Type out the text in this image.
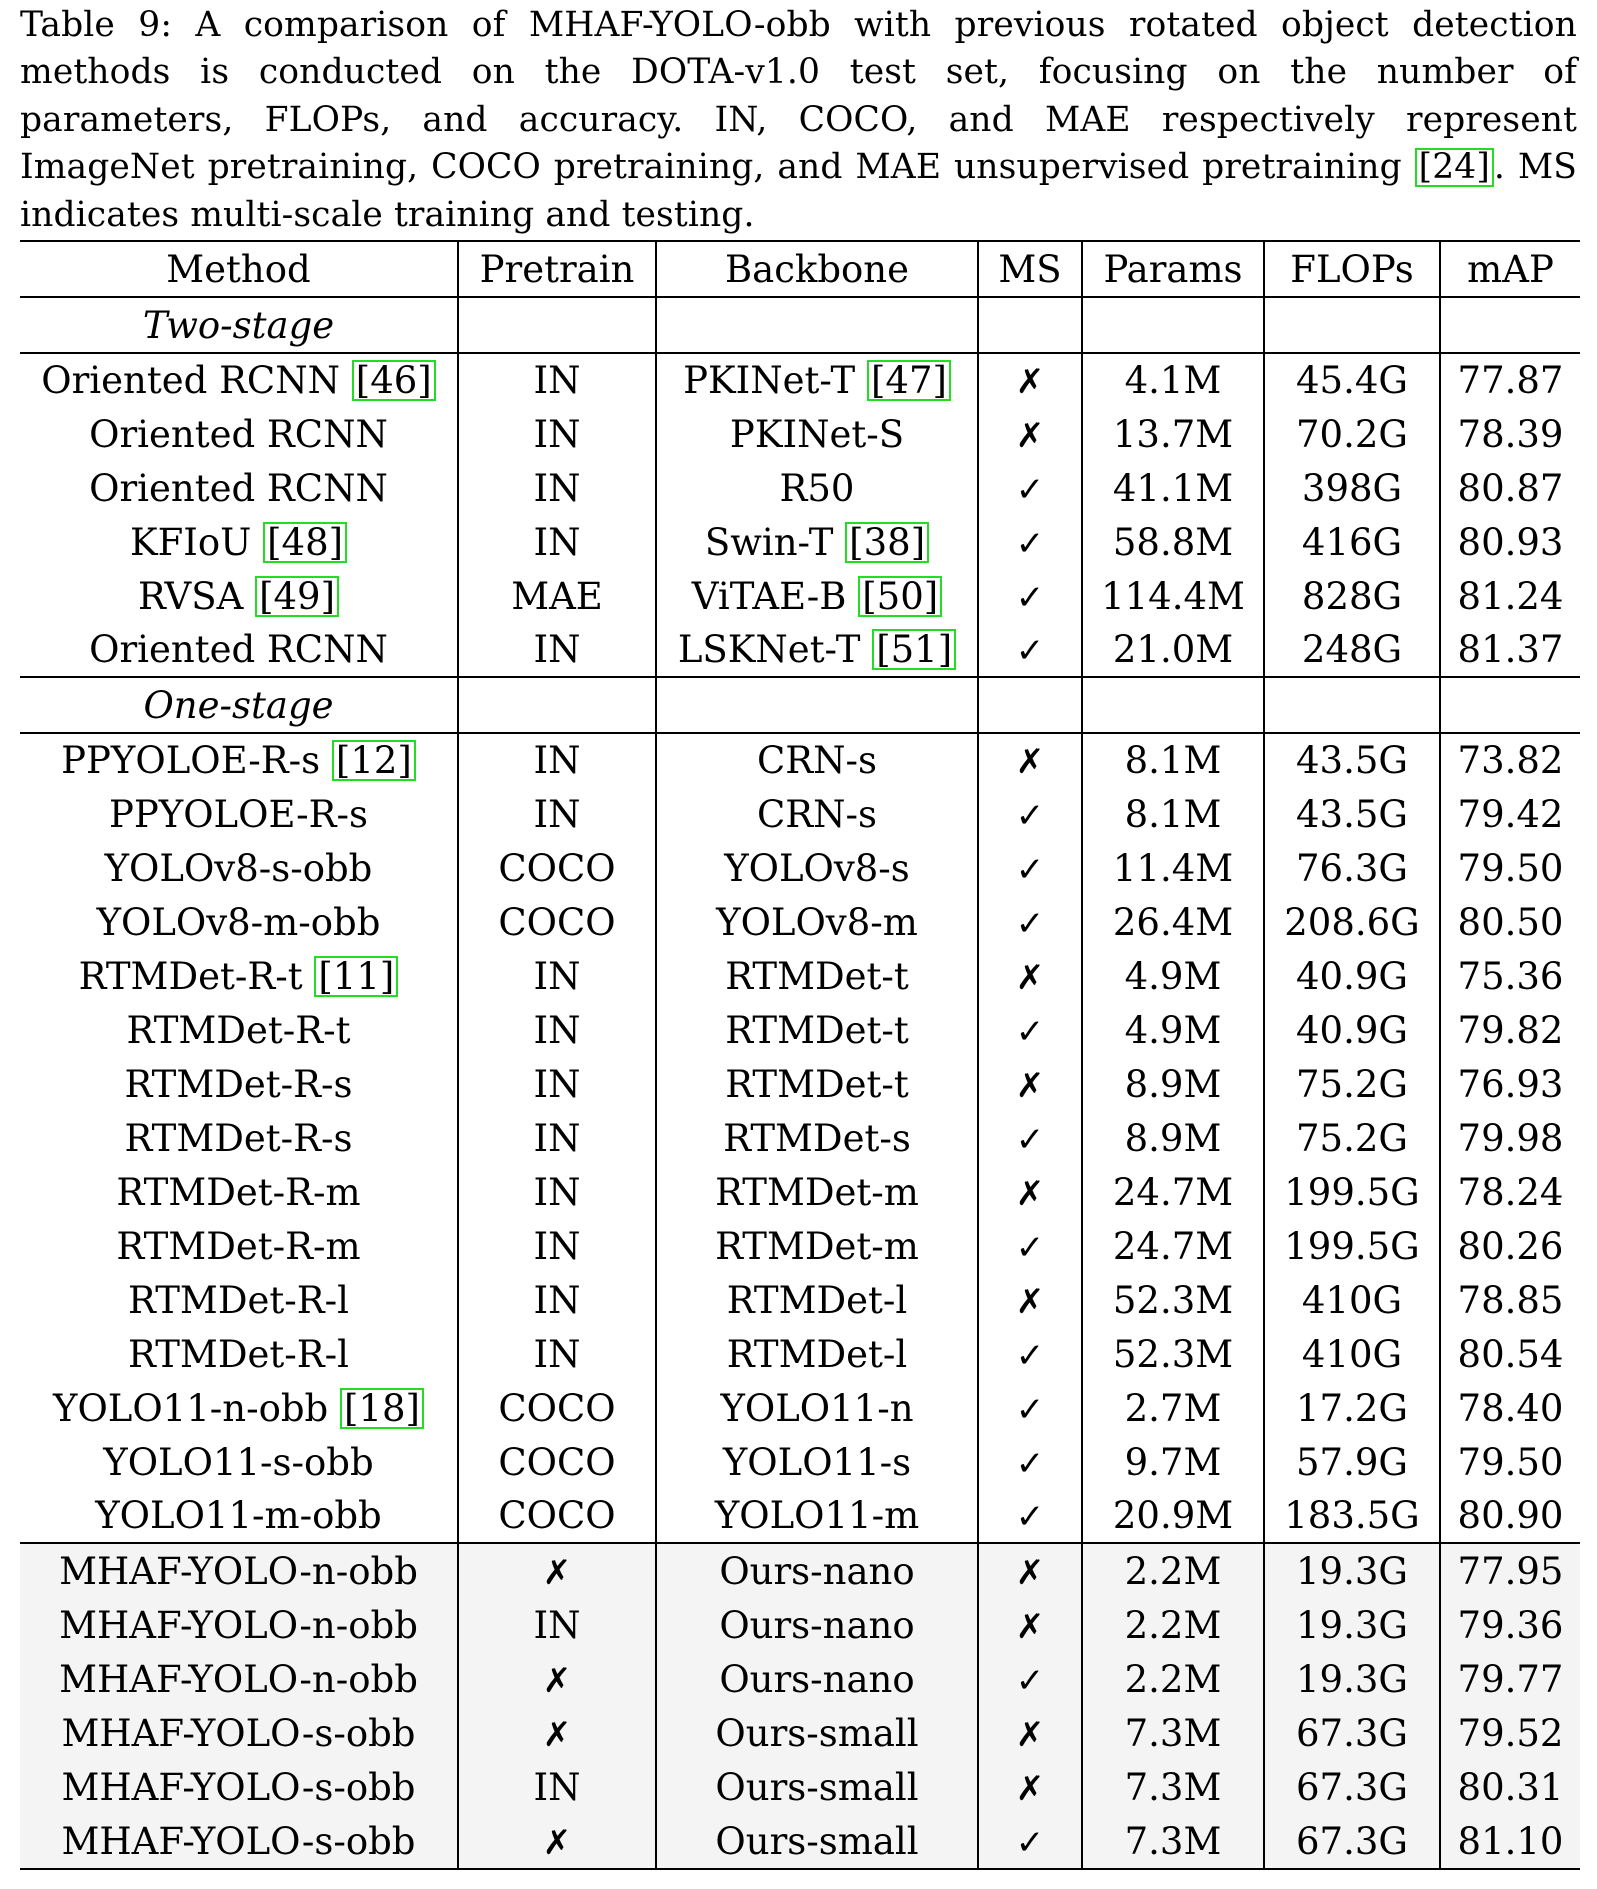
Table 9: A comparison of MHAF-YOLO-obb with previous rotated object detection methods is conducted on the DOTA-v1.0 test set, focusing on the number of parameters, FLOPs, and accuracy. IN, COCO, and MAE respectively represent ImageNet pretraining, COCO pretraining, and MAE unsupervised pretraining [24] . MS indicates multi-scale training and testing.
Method	Pretrain	Backbone	MS	Params	FLOPs	mAP
Two-stage						
Oriented RCNN [46]	IN	PKINet-T [47]	✗	4.1M	45.4G	77.87
Oriented RCNN	IN	PKINet-S	✗	13.7M	70.2G	78.39
Oriented RCNN	IN	R50	✓	41.1M	398G	80.87
KFIoU [48]	IN	Swin-T [38]	✓	58.8M	416G	80.93
RVSA [49]	MAE	ViTAE-B [50]	✓	114.4M	828G	81.24
Oriented RCNN	IN	LSKNet-T [51]	✓	21.0M	248G	81.37
One-stage						
PPYOLOE-R-s [12]	IN	CRN-s	✗	8.1M	43.5G	73.82
PPYOLOE-R-s	IN	CRN-s	✓	8.1M	43.5G	79.42
YOLOv8-s-obb	COCO	YOLOv8-s	✓	11.4M	76.3G	79.50
YOLOv8-m-obb	COCO	YOLOv8-m	✓	26.4M	208.6G	80.50
RTMDet-R-t [11]	IN	RTMDet-t	✗	4.9M	40.9G	75.36
RTMDet-R-t	IN	RTMDet-t	✓	4.9M	40.9G	79.82
RTMDet-R-s	IN	RTMDet-t	✗	8.9M	75.2G	76.93
RTMDet-R-s	IN	RTMDet-s	✓	8.9M	75.2G	79.98
RTMDet-R-m	IN	RTMDet-m	✗	24.7M	199.5G	78.24
RTMDet-R-m	IN	RTMDet-m	✓	24.7M	199.5G	80.26
RTMDet-R-l	IN	RTMDet-l	✗	52.3M	410G	78.85
RTMDet-R-l	IN	RTMDet-l	✓	52.3M	410G	80.54
YOLO11-n-obb [18]	COCO	YOLO11-n	✓	2.7M	17.2G	78.40
YOLO11-s-obb	COCO	YOLO11-s	✓	9.7M	57.9G	79.50
YOLO11-m-obb	COCO	YOLO11-m	✓	20.9M	183.5G	80.90
MHAF-YOLO-n-obb	✗	Ours-nano	✗	2.2M	19.3G	77.95
MHAF-YOLO-n-obb	IN	Ours-nano	✗	2.2M	19.3G	79.36
MHAF-YOLO-n-obb	✗	Ours-nano	✓	2.2M	19.3G	79.77
MHAF-YOLO-s-obb	✗	Ours-small	✗	7.3M	67.3G	79.52
MHAF-YOLO-s-obb	IN	Ours-small	✗	7.3M	67.3G	80.31
MHAF-YOLO-s-obb	✗	Ours-small	✓	7.3M	67.3G	81.10
